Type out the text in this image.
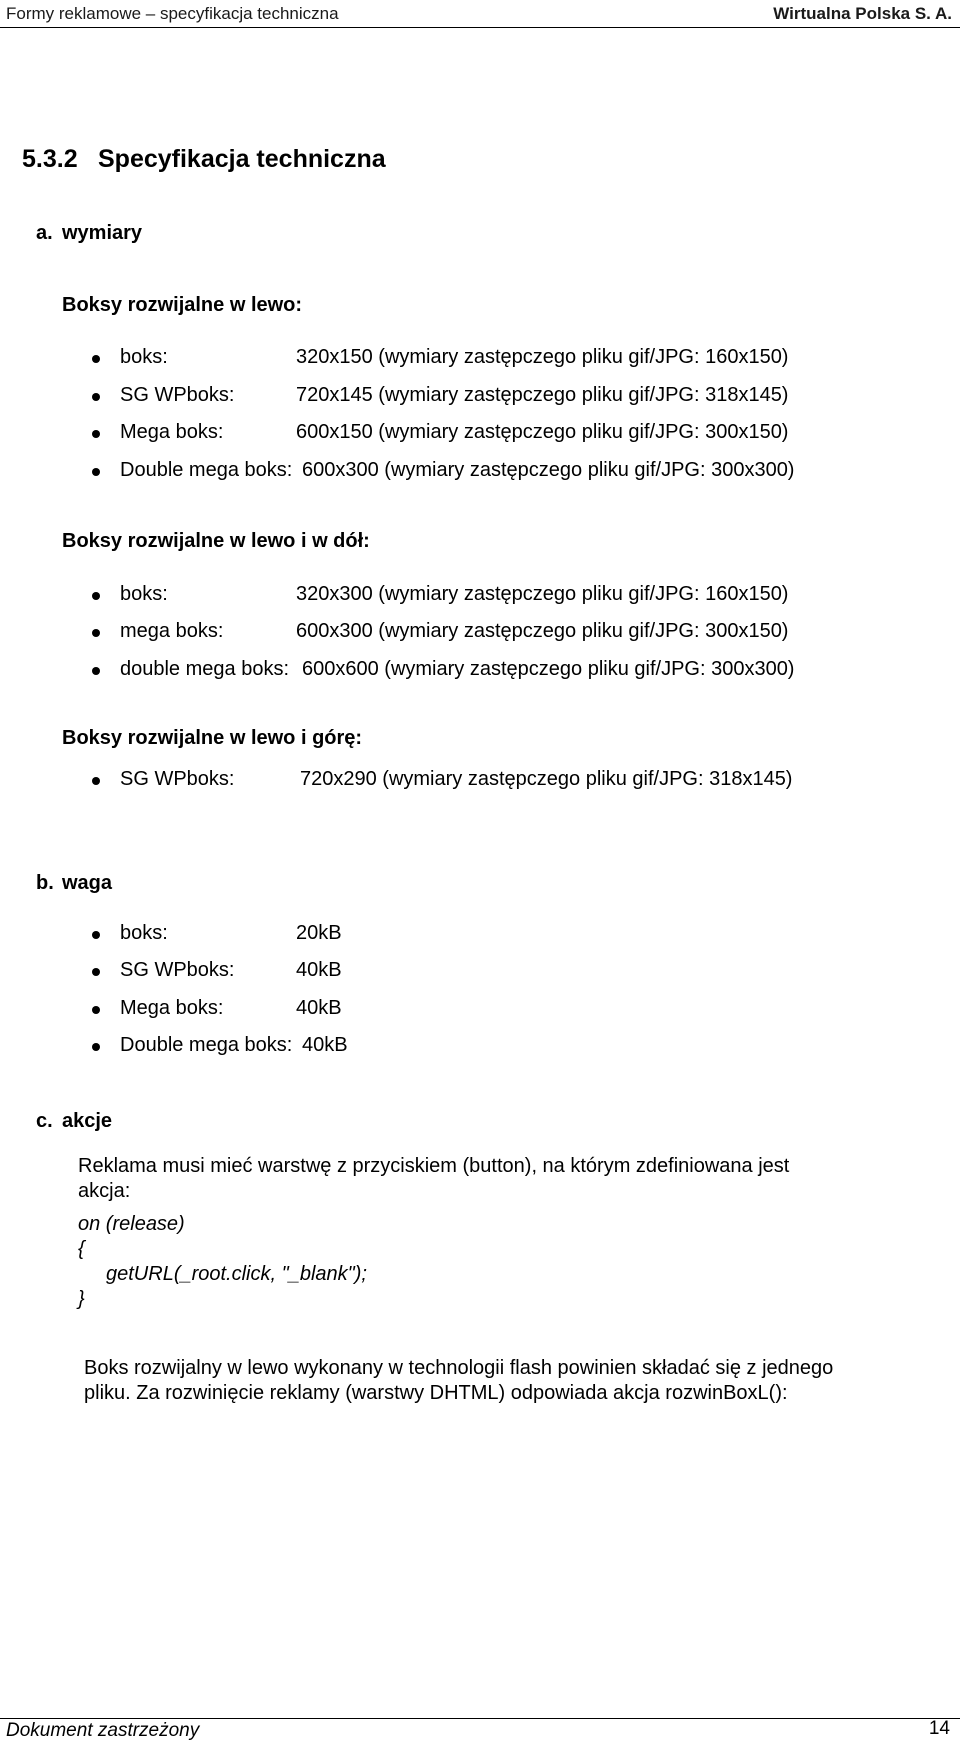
Formy reklamowe – specyfikacja techniczna	Wirtualna Polska S. A.
5.3.2 Specyfikacja techniczna
a. wymiary
Boksy rozwijalne w lewo:
boks:	320x150 (wymiary zastępczego pliku gif/JPG: 160x150)
SG WPboks:	720x145 (wymiary zastępczego pliku gif/JPG: 318x145)
Mega boks:	600x150 (wymiary zastępczego pliku gif/JPG: 300x150)
Double mega boks: 600x300 (wymiary zastępczego pliku gif/JPG: 300x300)
Boksy rozwijalne w lewo i w dół:
boks:	320x300 (wymiary zastępczego pliku gif/JPG: 160x150)
mega boks:	600x300 (wymiary zastępczego pliku gif/JPG: 300x150)
double mega boks: 600x600 (wymiary zastępczego pliku gif/JPG: 300x300)
Boksy rozwijalne w lewo i górę:
SG WPboks:	720x290 (wymiary zastępczego pliku gif/JPG: 318x145)
b. waga
boks:	20kB
SG WPboks:	40kB
Mega boks:	40kB
Double mega boks: 40kB
c. akcje
Reklama musi mieć warstwę z przyciskiem (button), na którym zdefiniowana jest
akcja:
on (release)
{
getURL(_root.click, "_blank");
}
Boks rozwijalny w lewo wykonany w technologii flash powinien składać się z jednego
pliku. Za rozwinięcie reklamy (warstwy DHTML) odpowiada akcja rozwinBoxL():
Dokument zastrzeżony	14
